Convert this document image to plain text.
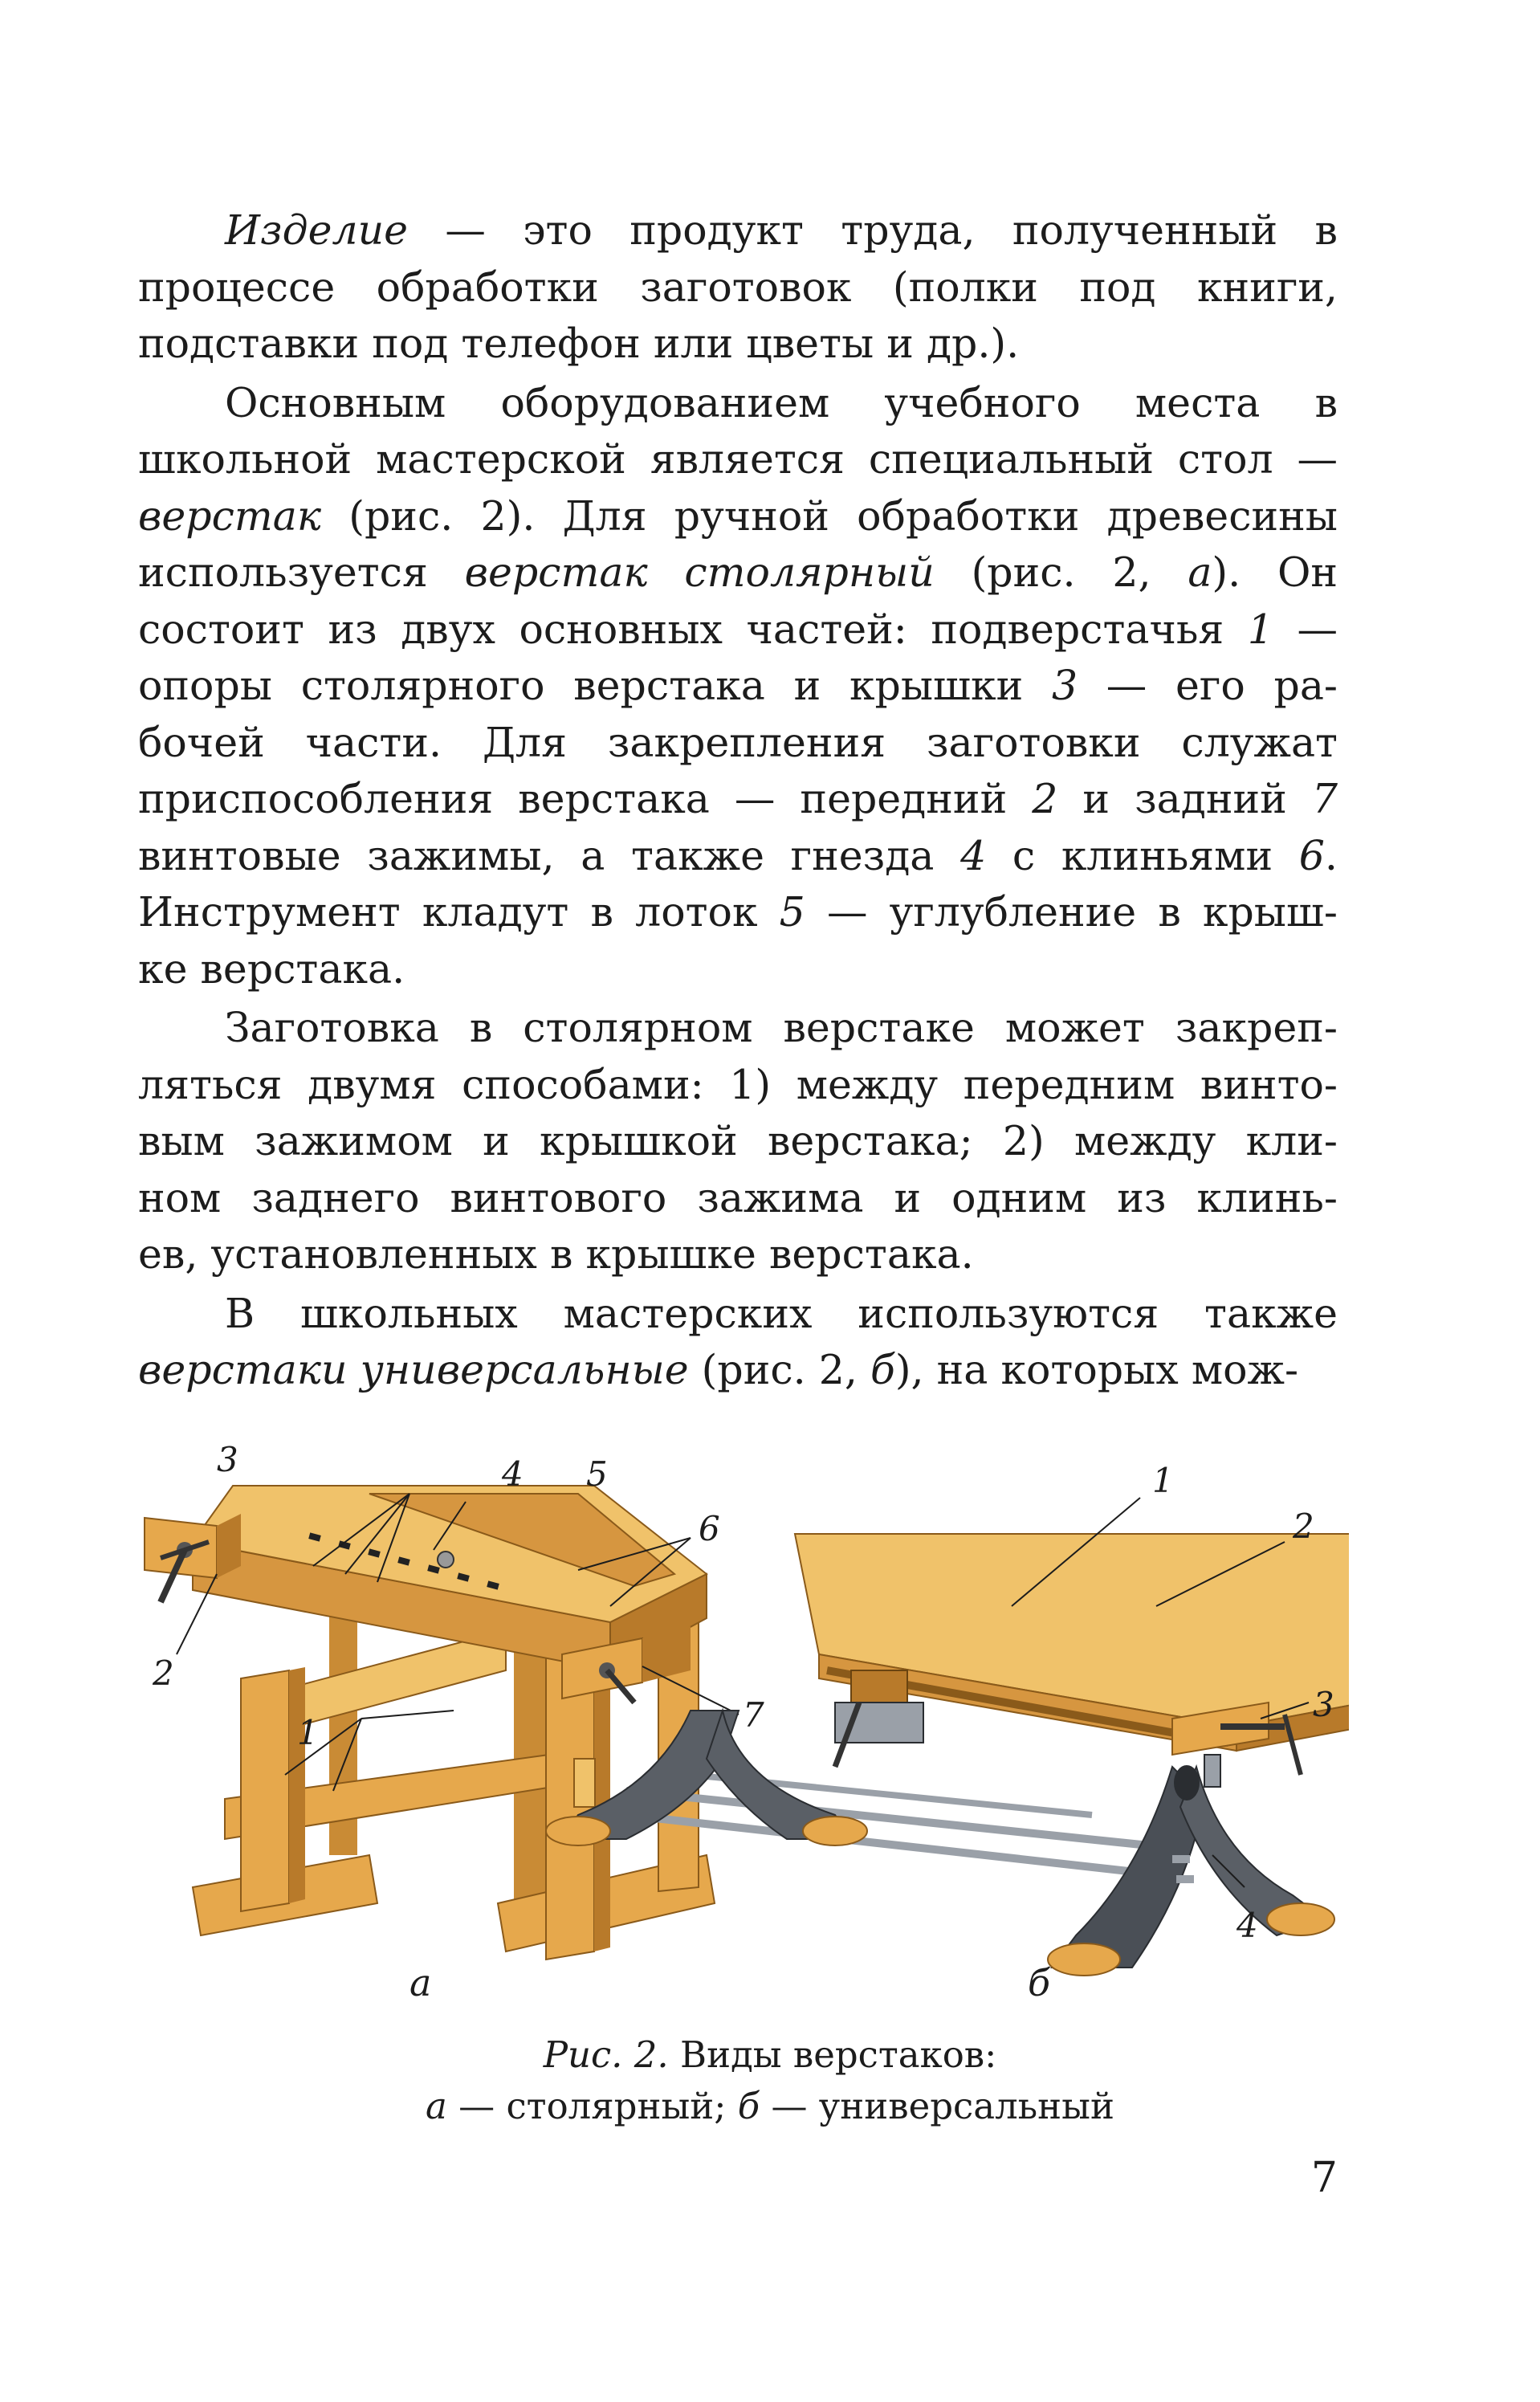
Изделие — это продукт труда, полученный в
процессе обработки заготовок (полки под книги,
подставки под телефон или цветы и др.).
Основным оборудованием учебного места в
школьной мастерской является специальный стол —
верстак (рис. 2). Для ручной обработки древесины
используется верстак столярный (рис. 2, а). Он
состоит из двух основных частей: подверстачья 1 —
опоры столярного верстака и крышки 3 — его ра-
бочей части. Для закрепления заготовки служат
приспособления верстака — передний 2 и задний 7
винтовые зажимы, а также гнезда 4 с клиньями 6.
Инструмент кладут в лоток 5 — углубление в крыш-
ке верстака.
Заготовка в столярном верстаке может закреп-
ляться двумя способами: 1) между передним винто-
вым зажимом и крышкой верстака; 2) между кли-
ном заднего винтового зажима и одним из клинь-
ев, установленных в крышке верстака.
В школьных мастерских используются также
верстаки универсальные (рис. 2, б), на которых мож-
1
2
3	4 5
6
7
1
2
3
4
а	б
Рис. 2. Виды верстаков:
а — столярный; б — универсальный
7
